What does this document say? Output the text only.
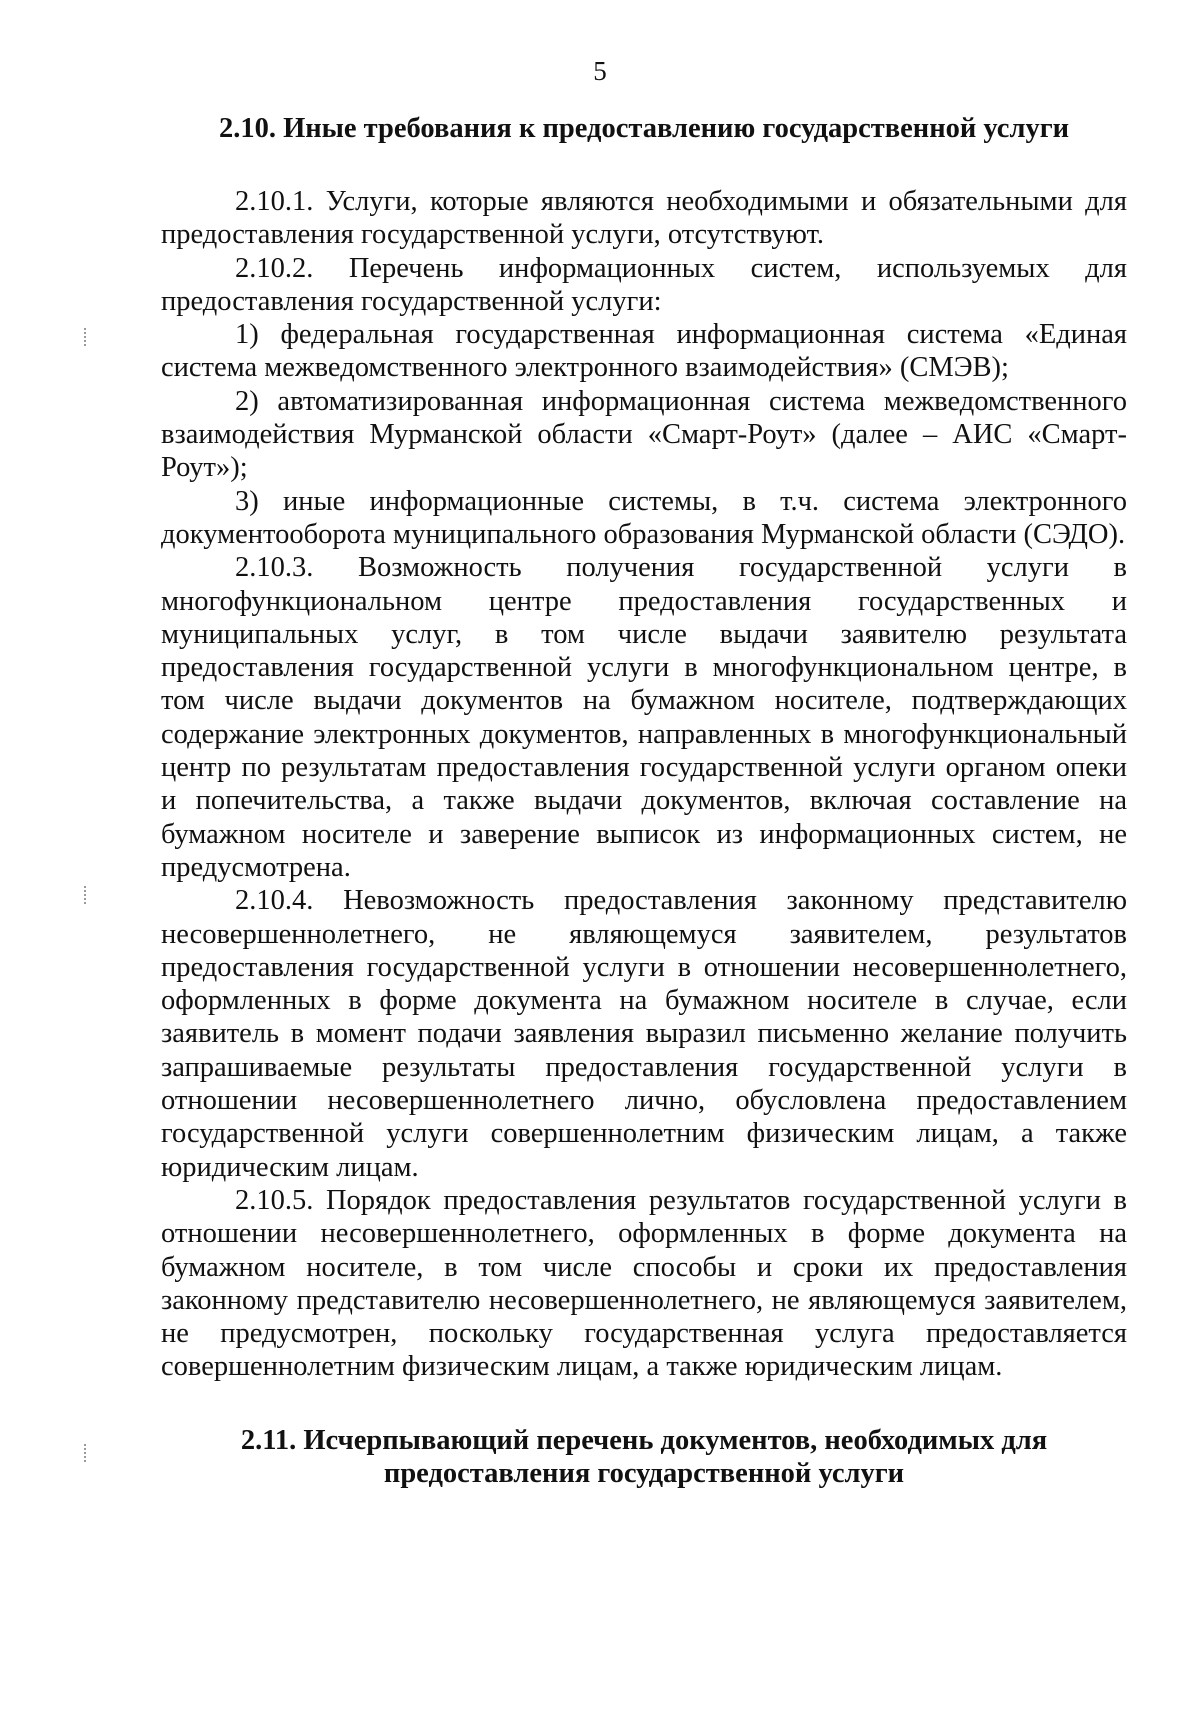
5
2.10. Иные требования к предоставлению государственной услуги

2.10.1. Услуги, которые являются необходимыми и обязательными для предоставления государственной услуги, отсутствуют.

2.10.2. Перечень информационных систем, используемых для предоставления государственной услуги:

1) федеральная государственная информационная система «Единая система межведомственного электронного взаимодействия» (СМЭВ);

2) автоматизированная информационная система межведомственного взаимодействия Мурманской области «Смарт-Роут» (далее – АИС «Смарт-Роут»);

3) иные информационные системы, в т.ч. система электронного документооборота муниципального образования Мурманской области (СЭДО).

2.10.3. Возможность получения государственной услуги в многофункциональном центре предоставления государственных и муниципальных услуг, в том числе выдачи заявителю результата предоставления государственной услуги в многофункциональном центре, в том числе выдачи документов на бумажном носителе, подтверждающих содержание электронных документов, направленных в многофункциональный центр по результатам предоставления государственной услуги органом опеки и попечительства, а также выдачи документов, включая составление на бумажном носителе и заверение выписок из информационных систем, не предусмотрена.

2.10.4. Невозможность предоставления законному представителю несовершеннолетнего, не являющемуся заявителем, результатов предоставления государственной услуги в отношении несовершеннолетнего, оформленных в форме документа на бумажном носителе в случае, если заявитель в момент подачи заявления выразил письменно желание получить запрашиваемые результаты предоставления государственной услуги в отношении несовершеннолетнего лично, обусловлена предоставлением государственной услуги совершеннолетним физическим лицам, а также юридическим лицам.

2.10.5. Порядок предоставления результатов государственной услуги в отношении несовершеннолетнего, оформленных в форме документа на бумажном носителе, в том числе способы и сроки их предоставления законному представителю несовершеннолетнего, не являющемуся заявителем, не предусмотрен, поскольку государственная услуга предоставляется совершеннолетним физическим лицам, а также юридическим лицам.

2.11. Исчерпывающий перечень документов, необходимых для
предоставления государственной услуги
